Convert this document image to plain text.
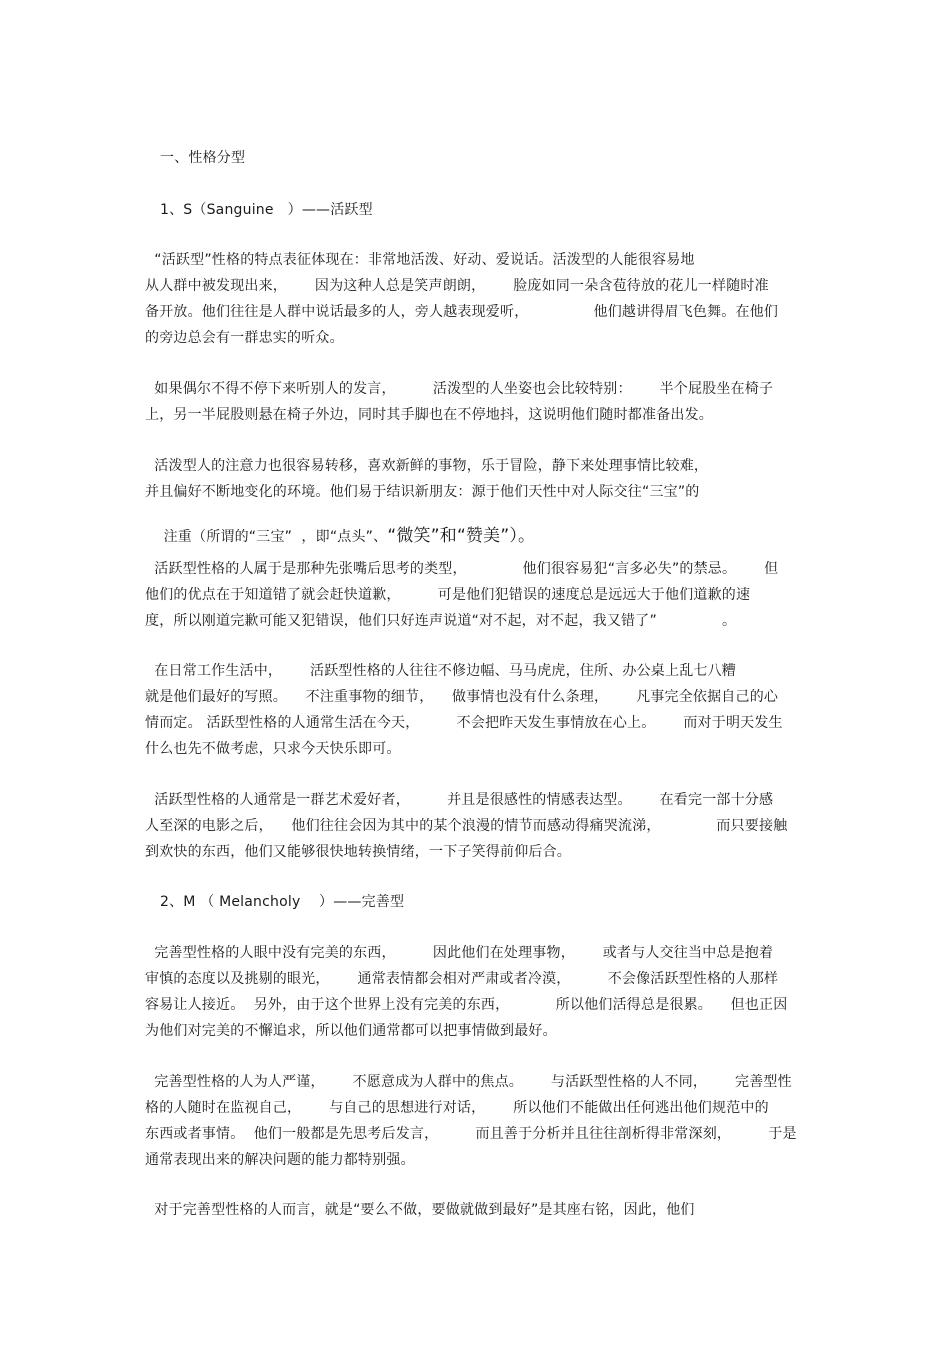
一、性格分型
1、S（Sanguine   ）——活跃型
“活跃型”性格的特点表征体现在：非常地活泼、好动、爱说话。活泼型的人能很容易地
从人群中被发现出来，      因为这种人总是笑声朗朗，      脸庞如同一朵含苞待放的花儿一样随时准
备开放。他们往往是人群中说话最多的人，旁人越表现爱听，              他们越讲得眉飞色舞。在他们
的旁边总会有一群忠实的听众。
如果偶尔不得不停下来听别人的发言，        活泼型的人坐姿也会比较特别：      半个屁股坐在椅子
上，另一半屁股则悬在椅子外边，同时其手脚也在不停地抖，这说明他们随时都准备出发。
活泼型人的注意力也很容易转移，喜欢新鲜的事物，乐于冒险，静下来处理事情比较难，
并且偏好不断地变化的环境。他们易于结识新朋友：源于他们天性中对人际交往“三宝”的

注重（所谓的“三宝”  ，即“点头”、“微笑”和“赞美”）。

活跃型性格的人属于是那种先张嘴后思考的类型，            他们很容易犯“言多必失”的禁忌。      但
他们的优点在于知道错了就会赶快道歉，        可是他们犯错误的速度总是远远大于他们道歉的速
度，所以刚道完歉可能又犯错误，他们只好连声说道“对不起，对不起，我又错了”              。
在日常工作生活中，      活跃型性格的人往往不修边幅、马马虎虎，住所、办公桌上乱七八糟
就是他们最好的写照。    不注重事物的细节，    做事情也没有什么条理，      凡事完全依据自己的心
情而定。 活跃型性格的人通常生活在今天，        不会把昨天发生事情放在心上。      而对于明天发生
什么也先不做考虑，只求今天快乐即可。
活跃型性格的人通常是一群艺术爱好者，        并且是很感性的情感表达型。      在看完一部十分感
人至深的电影之后，    他们往往会因为其中的某个浪漫的情节而感动得痛哭流涕，            而只要接触
到欢快的东西，他们又能够很快地转换情绪，一下子笑得前仰后合。
2、M （ Melancholy    ）——完善型
完善型性格的人眼中没有完美的东西，        因此他们在处理事物，      或者与人交往当中总是抱着
审慎的态度以及挑剔的眼光，      通常表情都会相对严肃或者冷漠，        不会像活跃型性格的人那样
容易让人接近。  另外，由于这个世界上没有完美的东西，          所以他们活得总是很累。    但也正因
为他们对完美的不懈追求，所以他们通常都可以把事情做到最好。
完善型性格的人为人严谨，      不愿意成为人群中的焦点。      与活跃型性格的人不同，      完善型性
格的人随时在监视自己，      与自己的思想进行对话，      所以他们不能做出任何逃出他们规范中的
东西或者事情。  他们一般都是先思考后发言，        而且善于分析并且往往剖析得非常深刻，        于是
通常表现出来的解决问题的能力都特别强。
对于完善型性格的人而言，就是“要么不做，要做就做到最好”是其座右铭，因此，他们
